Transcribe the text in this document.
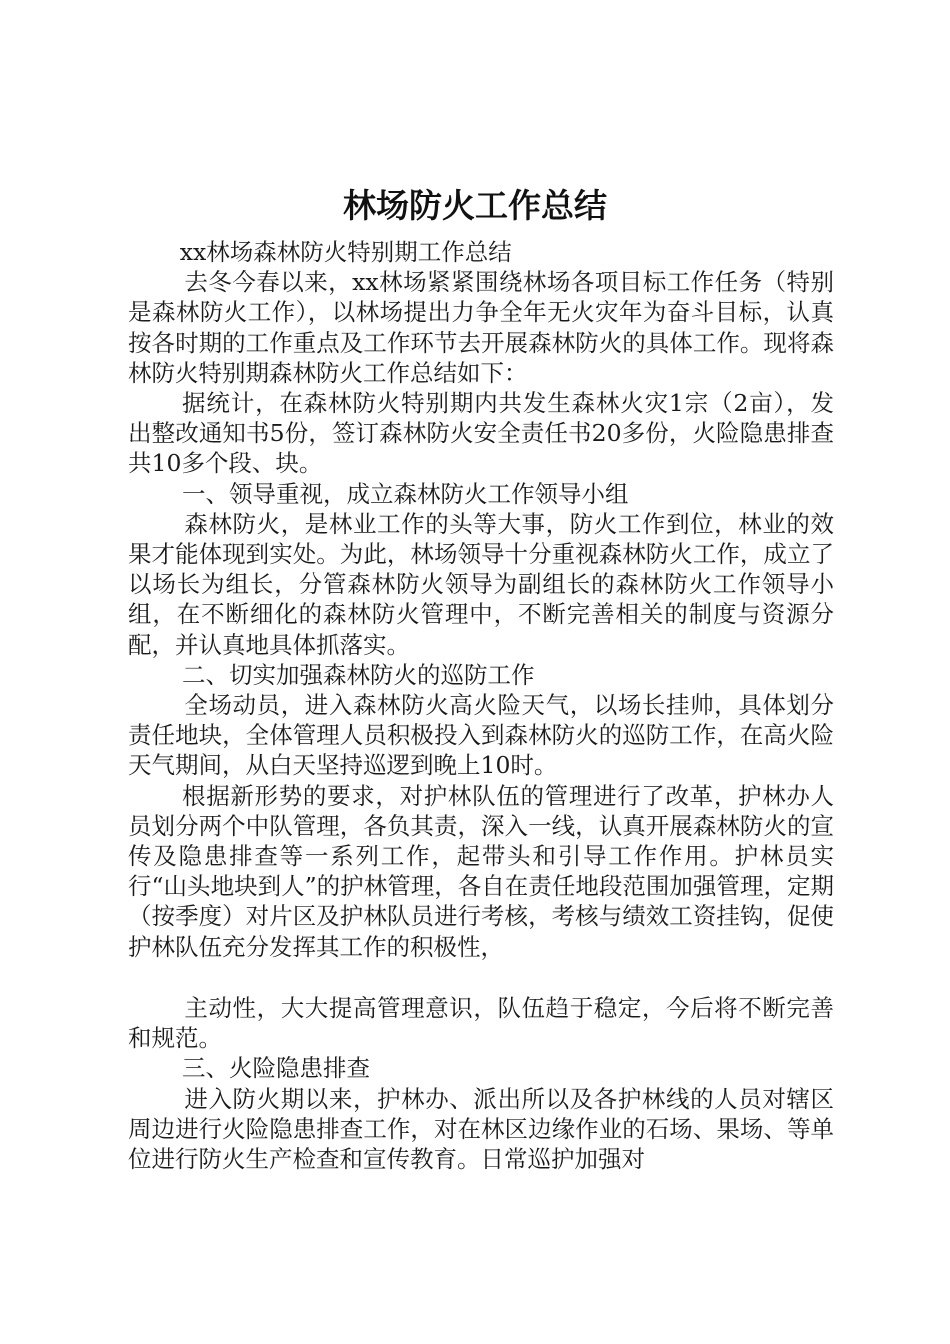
林场防火工作总结

xx林场森林防火特别期工作总结

去冬今春以来，xx林场紧紧围绕林场各项目标工作任务（特别是森林防火工作），以林场提出力争全年无火灾年为奋斗目标，认真按各时期的工作重点及工作环节去开展森林防火的具体工作。现将森林防火特别期森林防火工作总结如下：

据统计，在森林防火特别期内共发生森林火灾1宗（2亩），发出整改通知书5份，签订森林防火安全责任书20多份，火险隐患排查共10多个段、块。

一、领导重视，成立森林防火工作领导小组

森林防火，是林业工作的头等大事，防火工作到位，林业的效果才能体现到实处。为此，林场领导十分重视森林防火工作，成立了以场长为组长，分管森林防火领导为副组长的森林防火工作领导小组，在不断细化的森林防火管理中，不断完善相关的制度与资源分配，并认真地具体抓落实。

二、切实加强森林防火的巡防工作

全场动员，进入森林防火高火险天气，以场长挂帅，具体划分责任地块，全体管理人员积极投入到森林防火的巡防工作，在高火险天气期间，从白天坚持巡逻到晚上10时。

根据新形势的要求，对护林队伍的管理进行了改革，护林办人员划分两个中队管理，各负其责，深入一线，认真开展森林防火的宣传及隐患排查等一系列工作，起带头和引导工作作用。护林员实行“山头地块到人”的护林管理，各自在责任地段范围加强管理，定期（按季度）对片区及护林队员进行考核，考核与绩效工资挂钩，促使护林队伍充分发挥其工作的积极性，

主动性，大大提高管理意识，队伍趋于稳定，今后将不断完善和规范。

三、火险隐患排查

进入防火期以来，护林办、派出所以及各护林线的人员对辖区周边进行火险隐患排查工作，对在林区边缘作业的石场、果场、等单位进行防火生产检查和宣传教育。日常巡护加强对
